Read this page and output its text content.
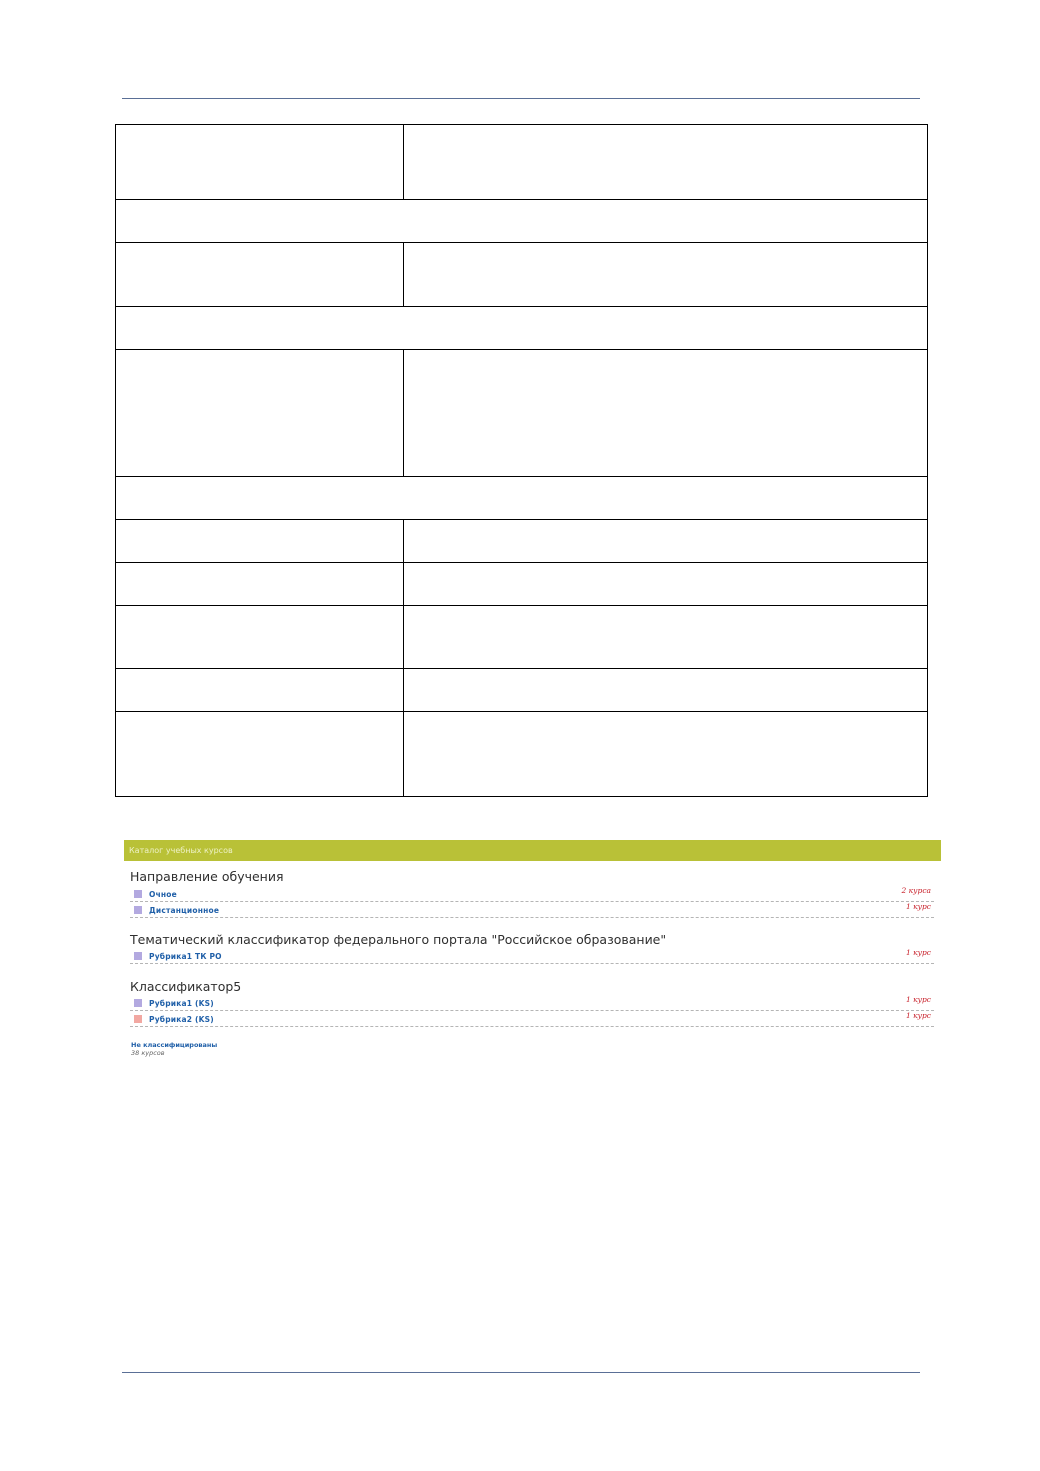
Каталог учебных курсов
Направление обучения
Очное	2 курса
Дистанционное	1 курс
Тематический классификатор федерального портала "Российское образование"
Рубрика1 ТК РО	1 курс
Классификатор5
Рубрика1 (KS)	1 курс
Рубрика2 (KS)	1 курс
Не классифицированы
38 курсов
